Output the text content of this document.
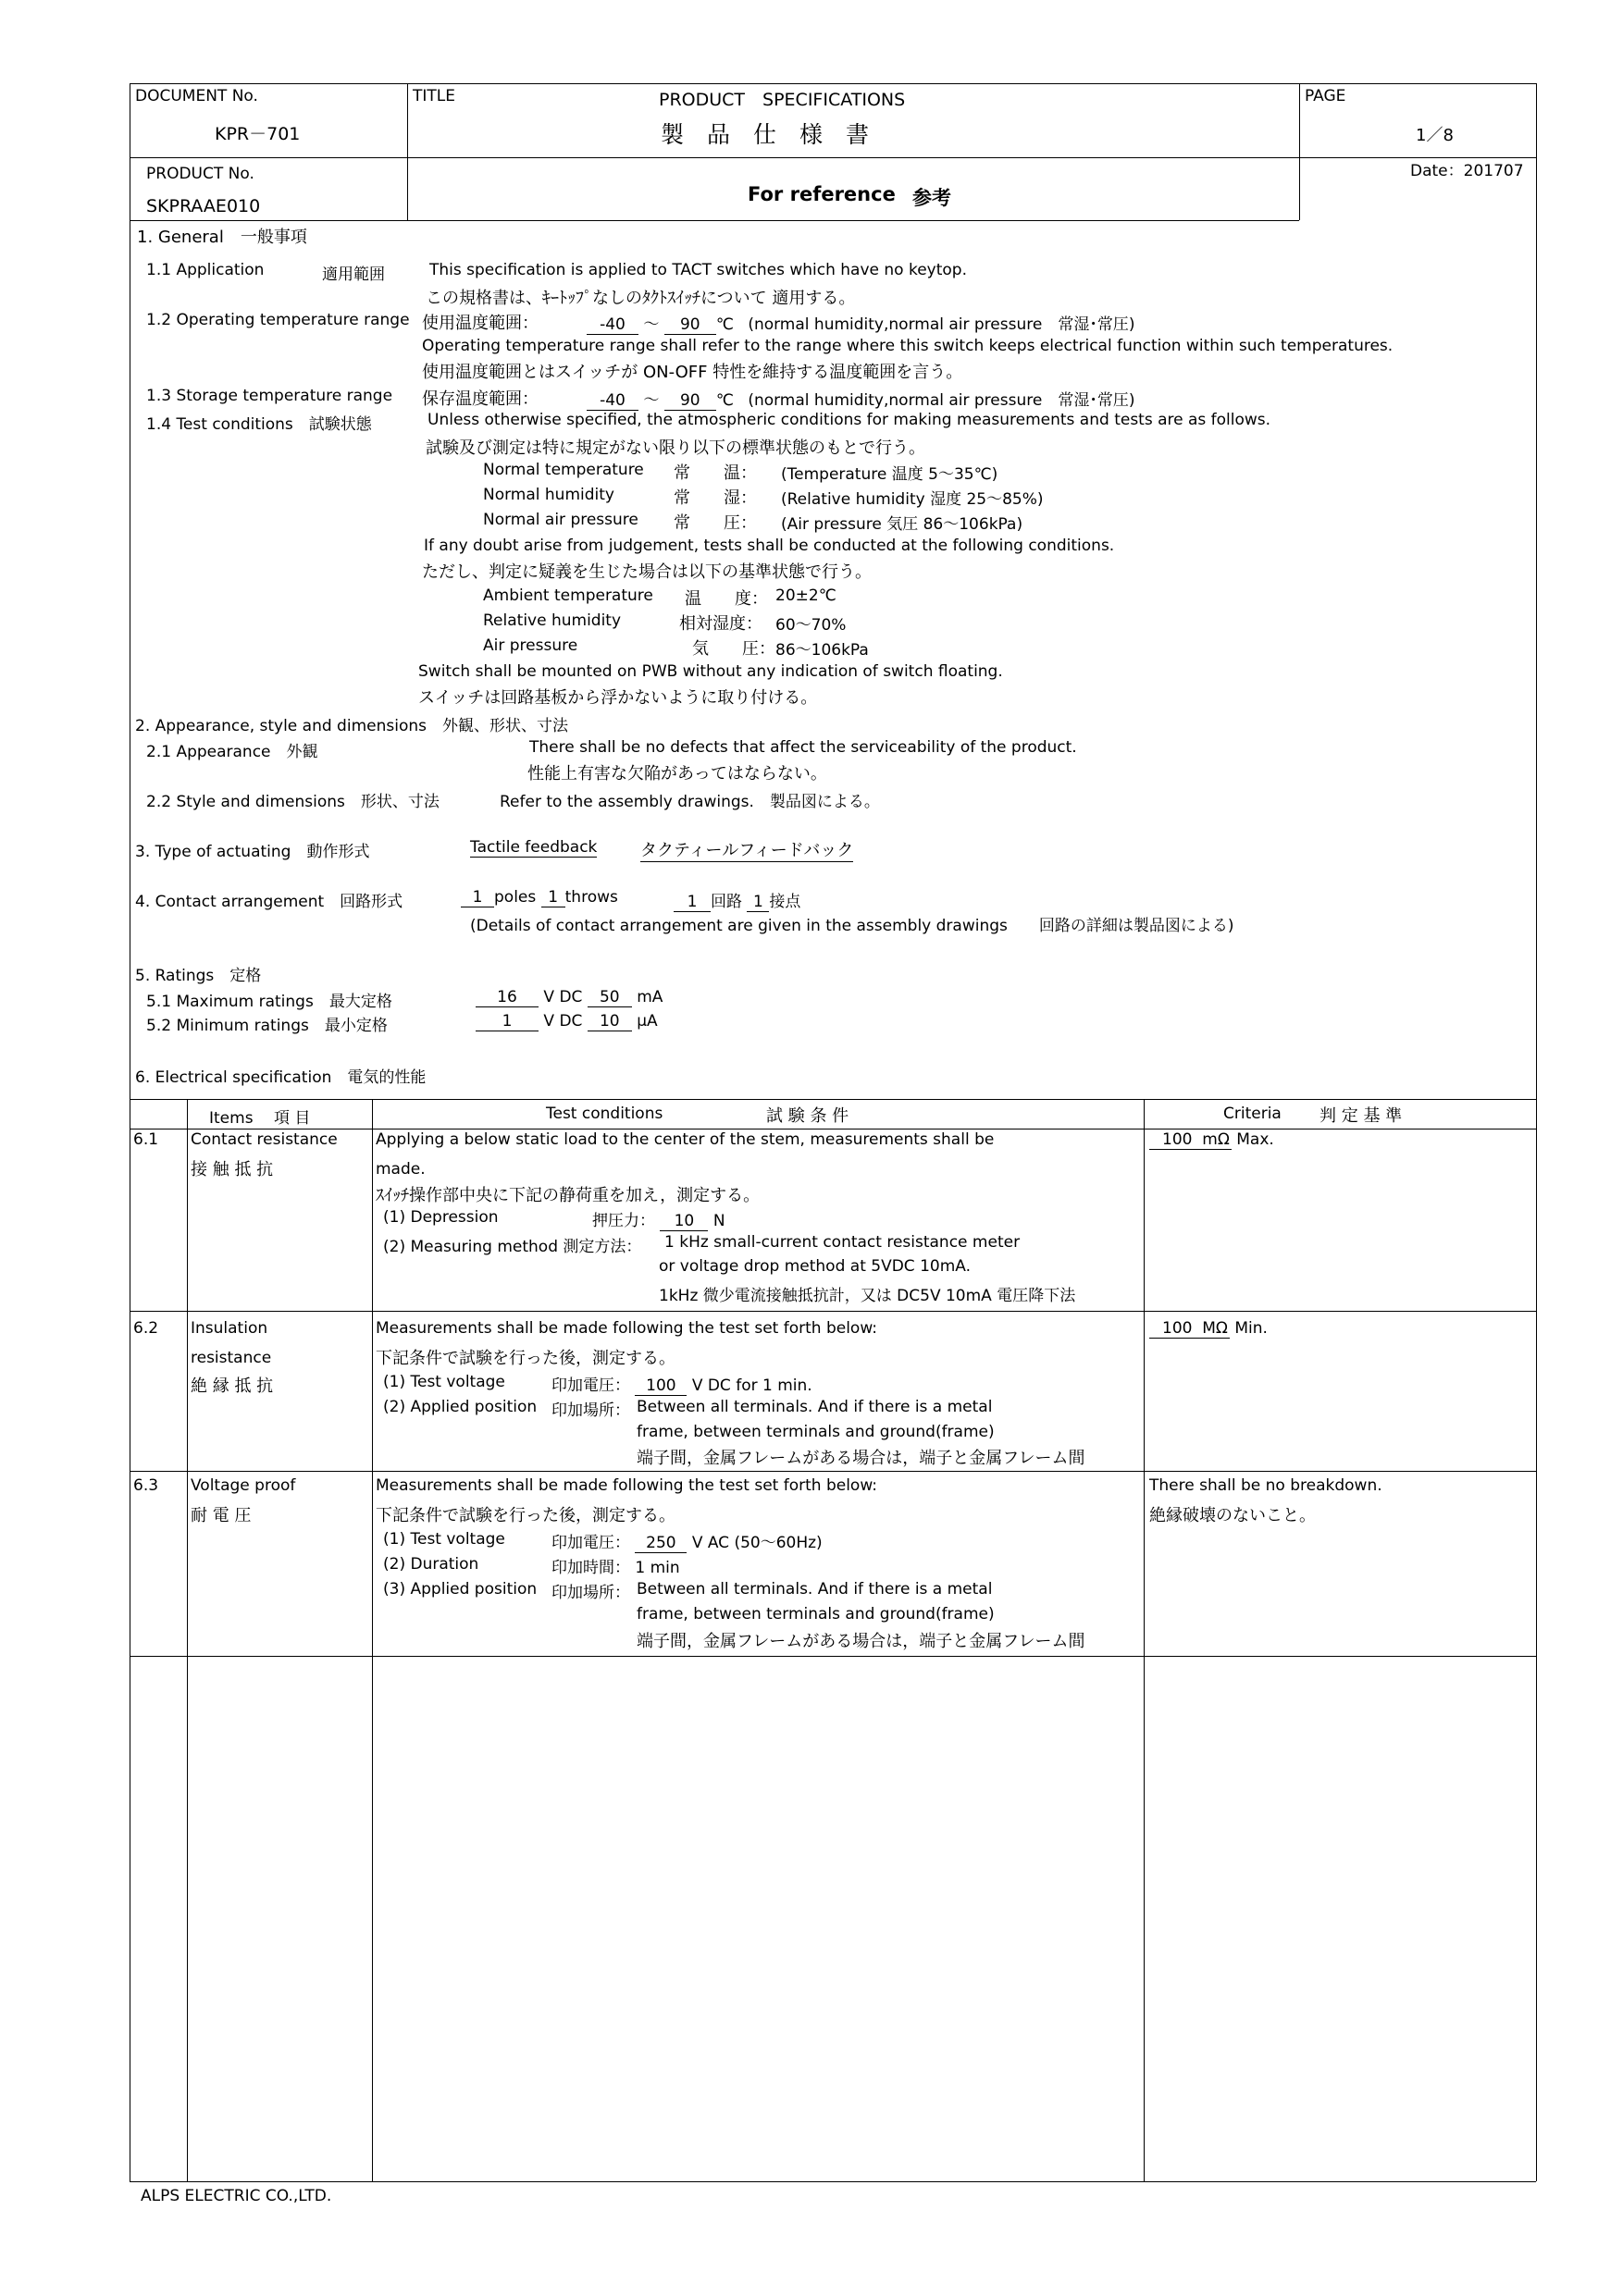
DOCUMENT No.
KPR－701
TITLE	PRODUCT　SPECIFICATIONS
製　品　仕　様　書
PAGE
1／8
PRODUCT No.
SKPRAAE010
Date：201707
For reference 参考
1. General　一般事項
1.1 Application	適用範囲	This specification is applied to TACT switches which have no keytop.
この規格書は、ｷｰﾄｯﾌﾟなしのﾀｸﾄｽｲｯﾁについて 適用する。
1.2 Operating temperature range 使用温度範囲：	-40 ～ 90 ℃ (normal humidity,normal air pressure　常湿･常圧)
Operating temperature range shall refer to the range where this switch keeps electrical function within such temperatures.
使用温度範囲とはスイッチが ON-OFF 特性を維持する温度範囲を言う。
1.3 Storage temperature range 保存温度範囲：	-40 ～ 90 ℃ (normal humidity,normal air pressure　常湿･常圧)
1.4 Test conditions　試験状態	Unless otherwise specified, the atmospheric conditions for making measurements and tests are as follows.
試験及び測定は特に規定がない限り以下の標準状態のもとで行う。
Normal temperature 常　　温： (Temperature 温度 5～35℃)
Normal humidity	常　　湿： (Relative humidity 湿度 25～85%)
Normal air pressure 常　　圧： (Air pressure 気圧 86～106kPa)
If any doubt arise from judgement, tests shall be conducted at the following conditions.
ただし、判定に疑義を生じた場合は以下の基準状態で行う。
Ambient temperature 温　　度： 20±2℃
Relative humidity	相対湿度： 60～70%
Air pressure	気　　圧： 86～106kPa
Switch shall be mounted on PWB without any indication of switch floating.
スイッチは回路基板から浮かないように取り付ける。
2. Appearance, style and dimensions　外観、形状、寸法
2.1 Appearance　外観	There shall be no defects that affect the serviceability of the product.
性能上有害な欠陥があってはならない。
2.2 Style and dimensions　形状、寸法	Refer to the assembly drawings.　製品図による。
3. Type of actuating　動作形式	Tactile feedback	タクティールフィードバック
4. Contact arrangement　回路形式	1 poles 1 throws	1 回路 1 接点
(Details of contact arrangement are given in the assembly drawings　　回路の詳細は製品図による)
5. Ratings　定格
5.1 Maximum ratings　最大定格	16 V DC 50 mA
5.2 Minimum ratings　最小定格	1 V DC 10 μA
6. Electrical specification　電気的性能
Items　 項 目	Test conditions	試 験 条 件	Criteria 判 定 基 準
6.1 Contact resistance
接 触 抵 抗
Applying a below static load to the center of the stem, measurements shall be
made.
ｽｲｯﾁ操作部中央に下記の静荷重を加え，測定する。
(1) Depression	押圧力： 10 N
(2) Measuring method 測定方法： 1 kHz small-current contact resistance meter
or voltage drop method at 5VDC 10mA.
1kHz 微少電流接触抵抗計，又は DC5V 10mA 電圧降下法
100 mΩ Max.
6.2 Insulation
resistance
絶 縁 抵 抗
Measurements shall be made following the test set forth below:
下記条件で試験を行った後，測定する。
(1) Test voltage	印加電圧： 100 V DC for 1 min.
(2) Applied position 印加場所： Between all terminals. And if there is a metal
frame, between terminals and ground(frame)
端子間，金属フレームがある場合は，端子と金属フレーム間
100 MΩ Min.
6.3 Voltage proof
耐 電 圧
Measurements shall be made following the test set forth below:
下記条件で試験を行った後，測定する。
(1) Test voltage	印加電圧： 250 V AC (50～60Hz)
(2) Duration	印加時間： 1 min
(3) Applied position 印加場所： Between all terminals. And if there is a metal
frame, between terminals and ground(frame)
端子間，金属フレームがある場合は，端子と金属フレーム間
There shall be no breakdown.
絶縁破壊のないこと。
ALPS ELECTRIC CO.,LTD.
